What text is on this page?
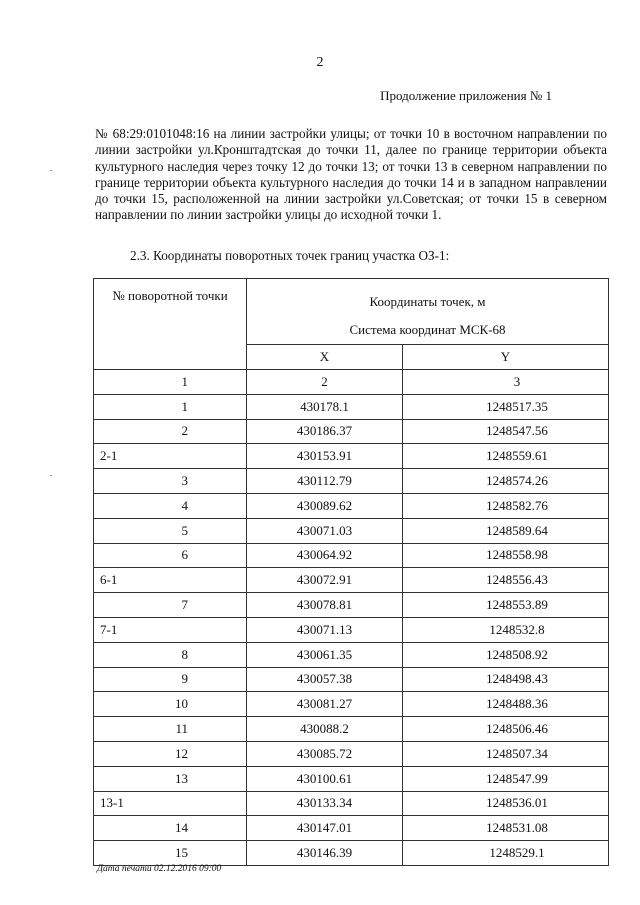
2
Продолжение приложения № 1

№ 68:29:0101048:16 на линии застройки улицы; от точки 10 в восточном направлении по линии застройки ул.Кронштадтская до точки 11, далее по границе территории объекта культурного наследия через точку 12 до точки 13; от точки 13 в северном направлении по границе территории объекта культурного наследия до точки 14 и в западном направлении до точки 15, расположенной на линии застройки ул.Советская; от точки 15 в северном направлении по линии застройки улицы до исходной точки 1.

2.3. Координаты поворотных точек границ участка ОЗ-1:
№ поворотной точки	Координаты точек, м
Система координат МСК-68	

	X	Y
1	2	3
1	430178.1	1248517.35
2	430186.37	1248547.56
2-1	430153.91	1248559.61
3	430112.79	1248574.26
4	430089.62	1248582.76
5	430071.03	1248589.64
6	430064.92	1248558.98
6-1	430072.91	1248556.43
7	430078.81	1248553.89
7-1	430071.13	1248532.8
8	430061.35	1248508.92
9	430057.38	1248498.43
10	430081.27	1248488.36
11	430088.2	1248506.46
12	430085.72	1248507.34
13	430100.61	1248547.99
13-1	430133.34	1248536.01
14	430147.01	1248531.08
15	430146.39	1248529.1
Дата печати 02.12.2016 09:00
